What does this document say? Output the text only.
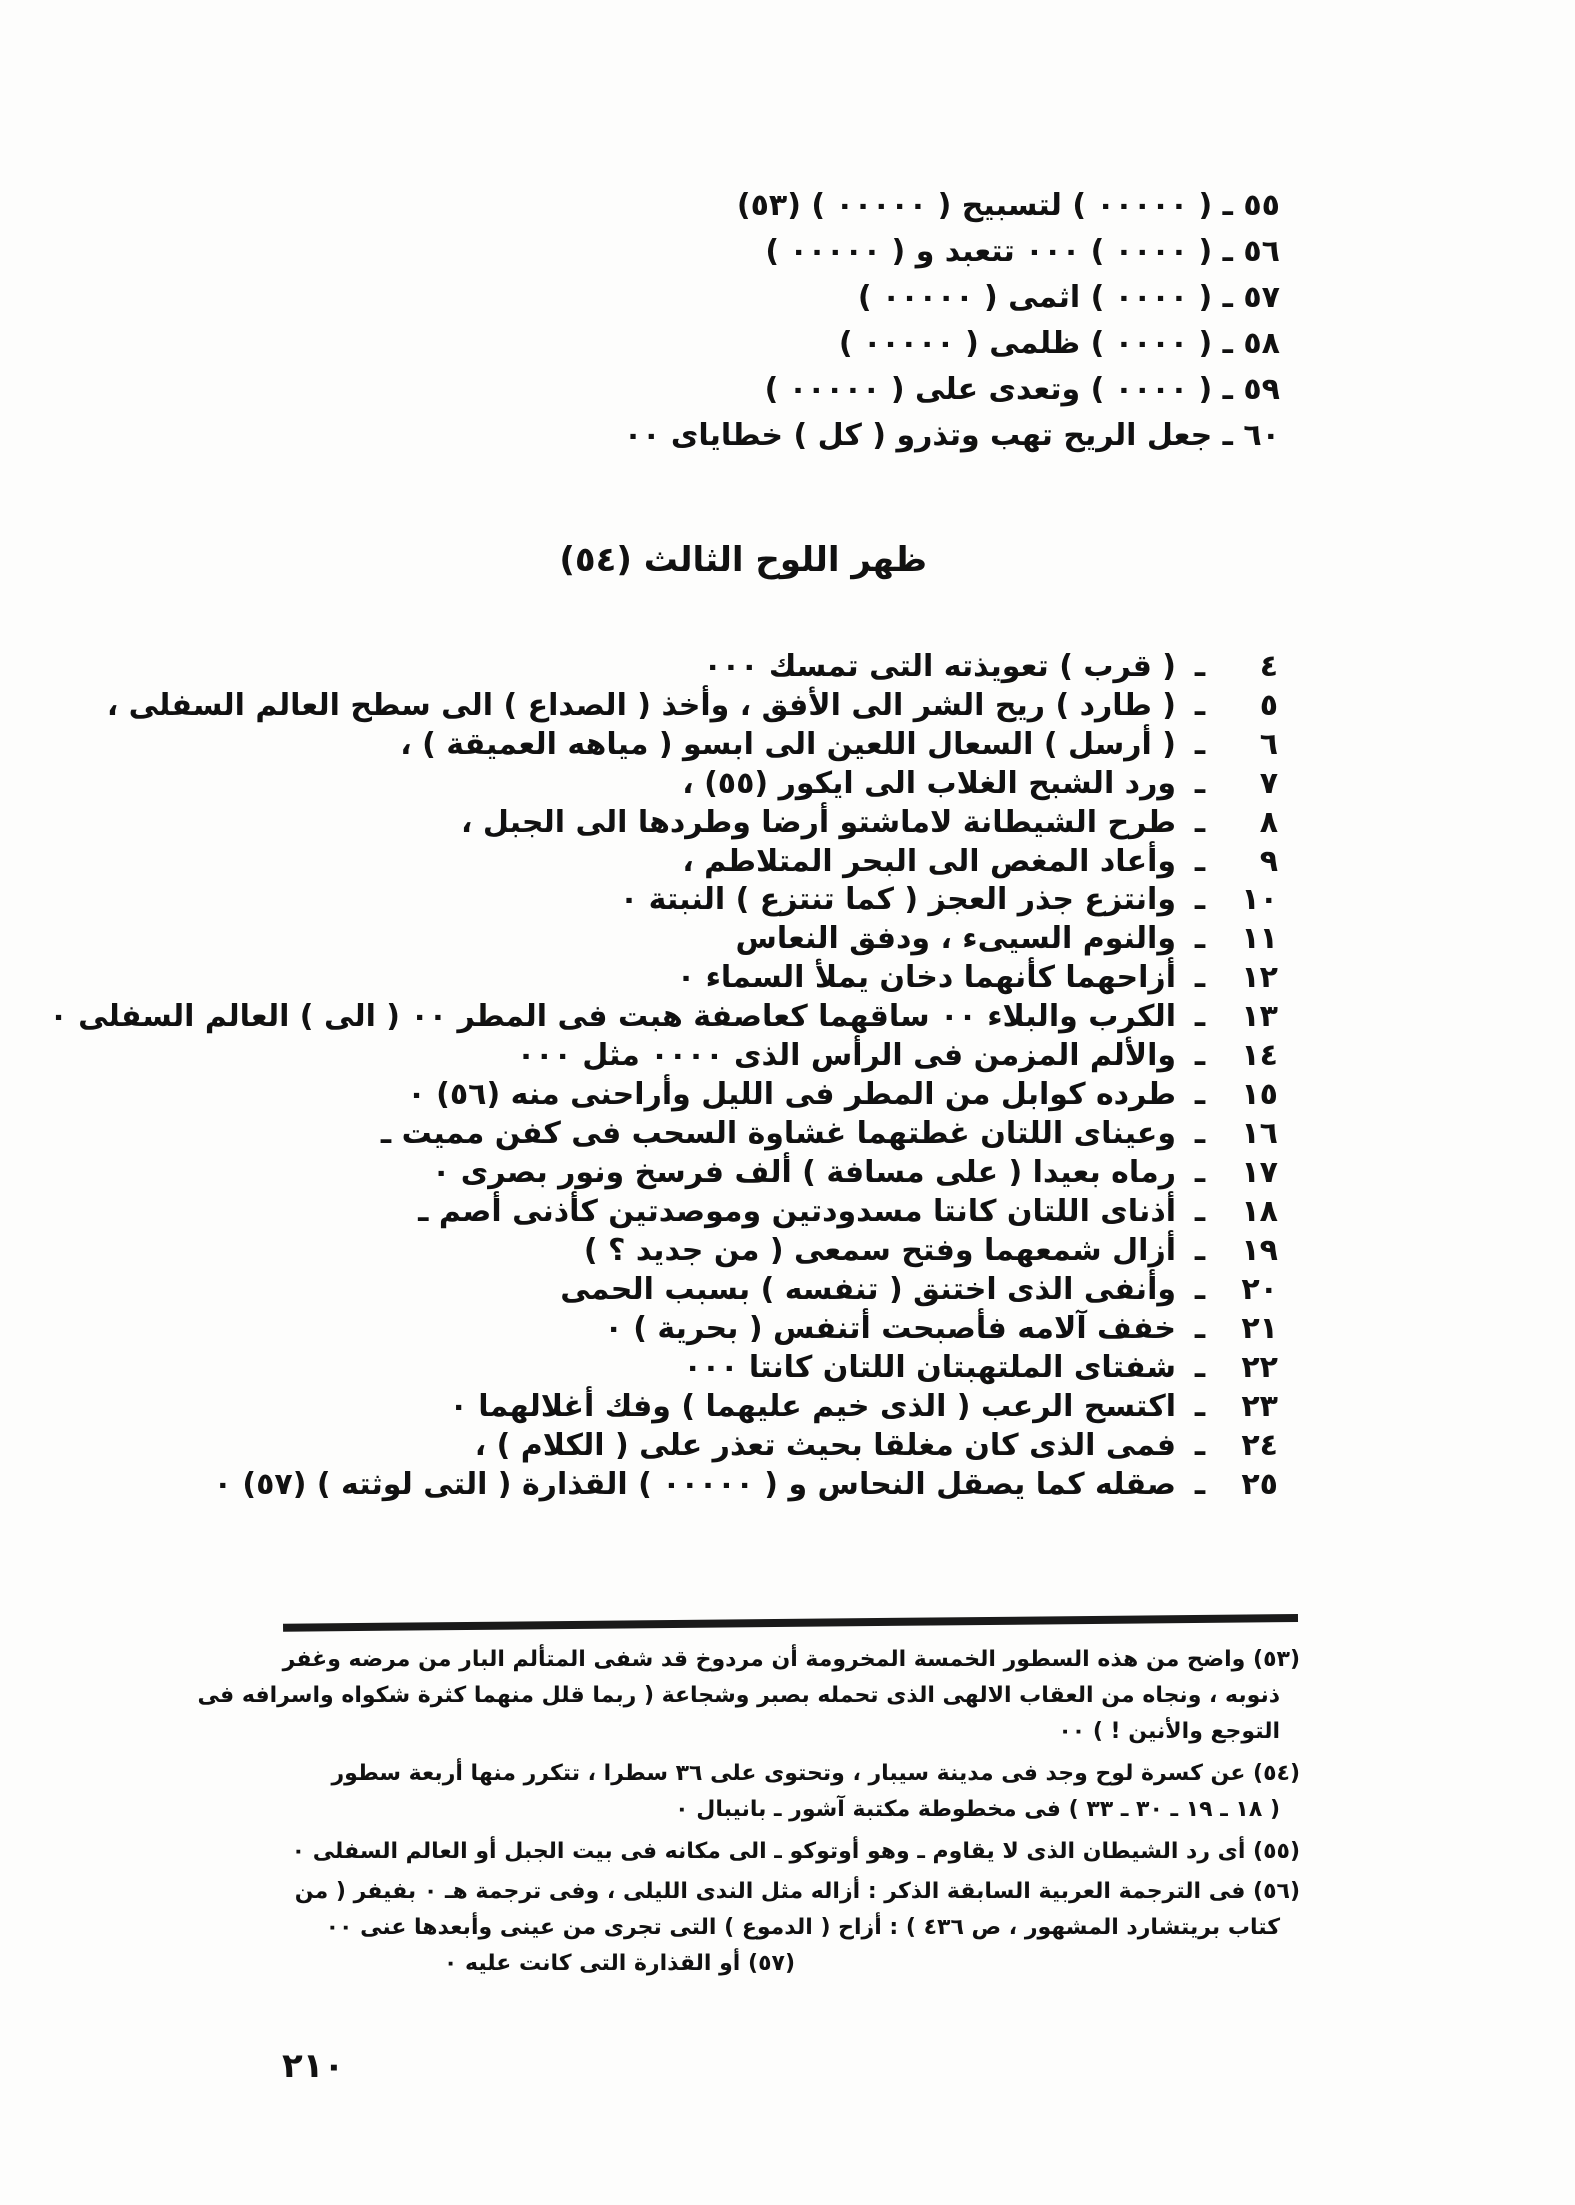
٥٥ ـ ( ٠٠٠٠٠ ) لتسبيح ( ٠٠٠٠٠ ) (٥٣)
٥٦ ـ ( ٠٠٠٠ ) ٠٠٠ تتعبد و ( ٠٠٠٠٠ )
٥٧ ـ ( ٠٠٠٠ ) اثمى ( ٠٠٠٠٠ )
٥٨ ـ ( ٠٠٠٠ ) ظلمى ( ٠٠٠٠٠ )
٥٩ ـ ( ٠٠٠٠ ) وتعدى على ( ٠٠٠٠٠ )
٦٠ ـ جعل الريح تهب وتذرو ( كل ) خطاياى ٠٠
ظهر اللوح الثالث (٥٤)
٤ـ( قرب ) تعويذته التى تمسك ٠٠٠
٥ـ( طارد ) ريح الشر الى الأفق ، وأخذ ( الصداع ) الى سطح العالم السفلى ،
٦ـ( أرسل ) السعال اللعين الى ابسو ( مياهه العميقة ) ،
٧ـورد الشبح الغلاب الى ايكور (٥٥) ،
٨ـطرح الشيطانة لاماشتو أرضا وطردها الى الجبل ،
٩ـوأعاد المغص الى البحر المتلاطم ،
١٠ـوانتزع جذر العجز ( كما تنتزع ) النبتة ٠
١١ـوالنوم السيىء ، ودفق النعاس
١٢ـأزاحهما كأنهما دخان يملأ السماء ٠
١٣ـالكرب والبلاء ٠٠ ساقهما كعاصفة هبت فى المطر ٠٠ ( الى ) العالم السفلى ٠
١٤ـوالألم المزمن فى الرأس الذى ٠٠٠٠ مثل ٠٠٠
١٥ـطرده كوابل من المطر فى الليل وأراحنى منه (٥٦) ٠
١٦ـوعيناى اللتان غطتهما غشاوة السحب فى كفن مميت ـ
١٧ـرماه بعيدا ( على مسافة ) ألف فرسخ ونور بصرى ٠
١٨ـأذناى اللتان كانتا مسدودتين وموصدتين كأذنى أصم ـ
١٩ـأزال شمعهما وفتح سمعى ( من جديد ؟ )
٢٠ـوأنفى الذى اختنق ( تنفسه ) بسبب الحمى
٢١ـخفف آلامه فأصبحت أتنفس ( بحرية ) ٠
٢٢ـشفتاى الملتهبتان اللتان كانتا ٠٠٠
٢٣ـاكتسح الرعب ( الذى خيم عليهما ) وفك أغلالهما ٠
٢٤ـفمى الذى كان مغلقا بحيث تعذر على ( الكلام ) ،
٢٥ـصقله كما يصقل النحاس و ( ٠٠٠٠٠ ) القذارة ( التى لوثته ) (٥٧) ٠
(٥٣) واضح من هذه السطور الخمسة المخرومة أن مردوخ قد شفى المتألم البار من مرضه وغفر
ذنوبه ، ونجاه من العقاب الالهى الذى تحمله بصبر وشجاعة ( ربما قلل منهما كثرة شكواه واسرافه فى
التوجع والأنين ! ) ٠٠
(٥٤) عن كسرة لوح وجد فى مدينة سيبار ، وتحتوى على ٣٦ سطرا ، تتكرر منها أربعة سطور
( ١٨ ـ ١٩ ـ ٣٠ ـ ٣٣ ) فى مخطوطة مكتبة آشور ـ بانيبال ٠
(٥٥) أى رد الشيطان الذى لا يقاوم ـ وهو أوتوكو ـ الى مكانه فى بيت الجبل أو العالم السفلى ٠
(٥٦) فى الترجمة العربية السابقة الذكر : أزاله مثل الندى الليلى ، وفى ترجمة هـ ٠ بفيفر ( من
كتاب بريتشارد المشهور ، ص ٤٣٦ ) : أزاح ( الدموع ) التى تجرى من عينى وأبعدها عنى ٠٠
(٥٧) أو القذارة التى كانت عليه ٠
٢١٠
